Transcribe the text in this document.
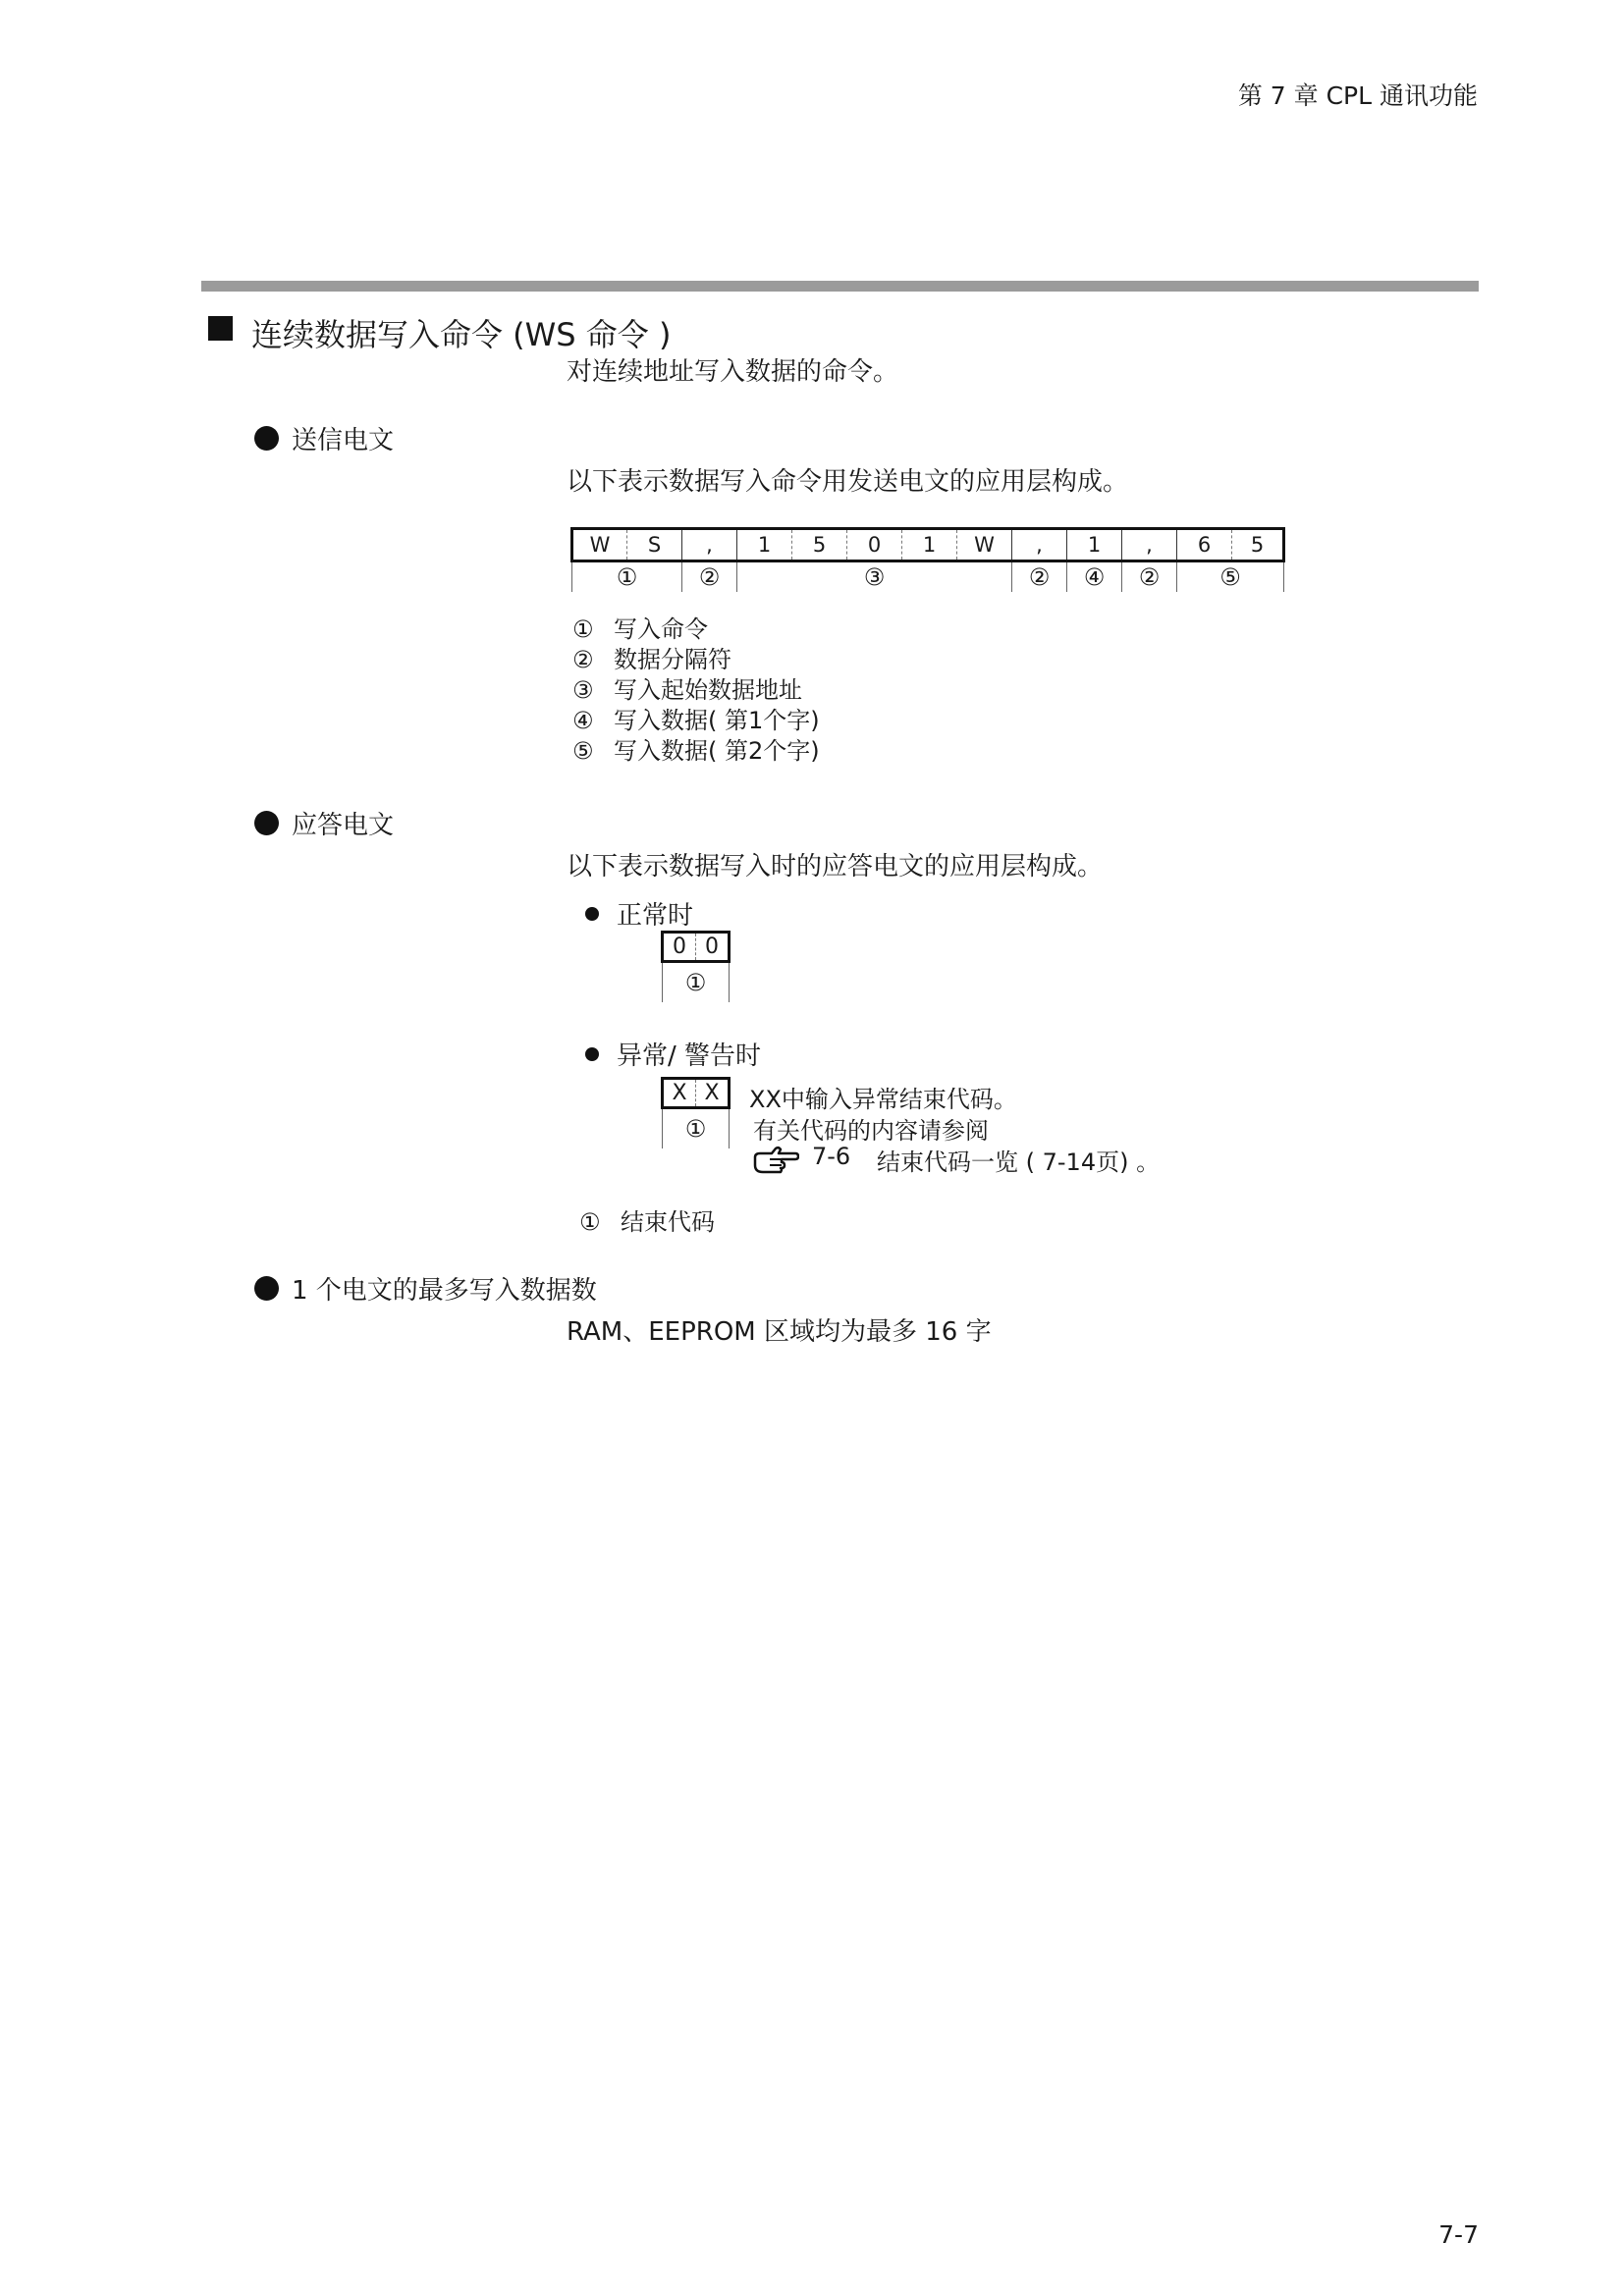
第 7 章 CPL 通讯功能
连续数据写入命令 (WS 命令 )
对连续地址写入数据的命令。
送信电文
以下表示数据写入命令用发送电文的应用层构成。
W	S	,	1	5	0	1	W	,	1	,	6	5
①		②	③					②	④	②	⑤	
① 写入命令
② 数据分隔符
③ 写入起始数据地址
④ 写入数据( 第1个字)
⑤ 写入数据( 第2个字)
应答电文
以下表示数据写入时的应答电文的应用层构成。
正常时
0	0
①
异常/ 警告时
X	X
①
XX中输入异常结束代码。
有关代码的内容请参阅
7-6 结束代码一览 ( 7-14页) 。
① 结束代码
1 个电文的最多写入数据数
RAM、EEPROM 区域均为最多 16 字
7-7
